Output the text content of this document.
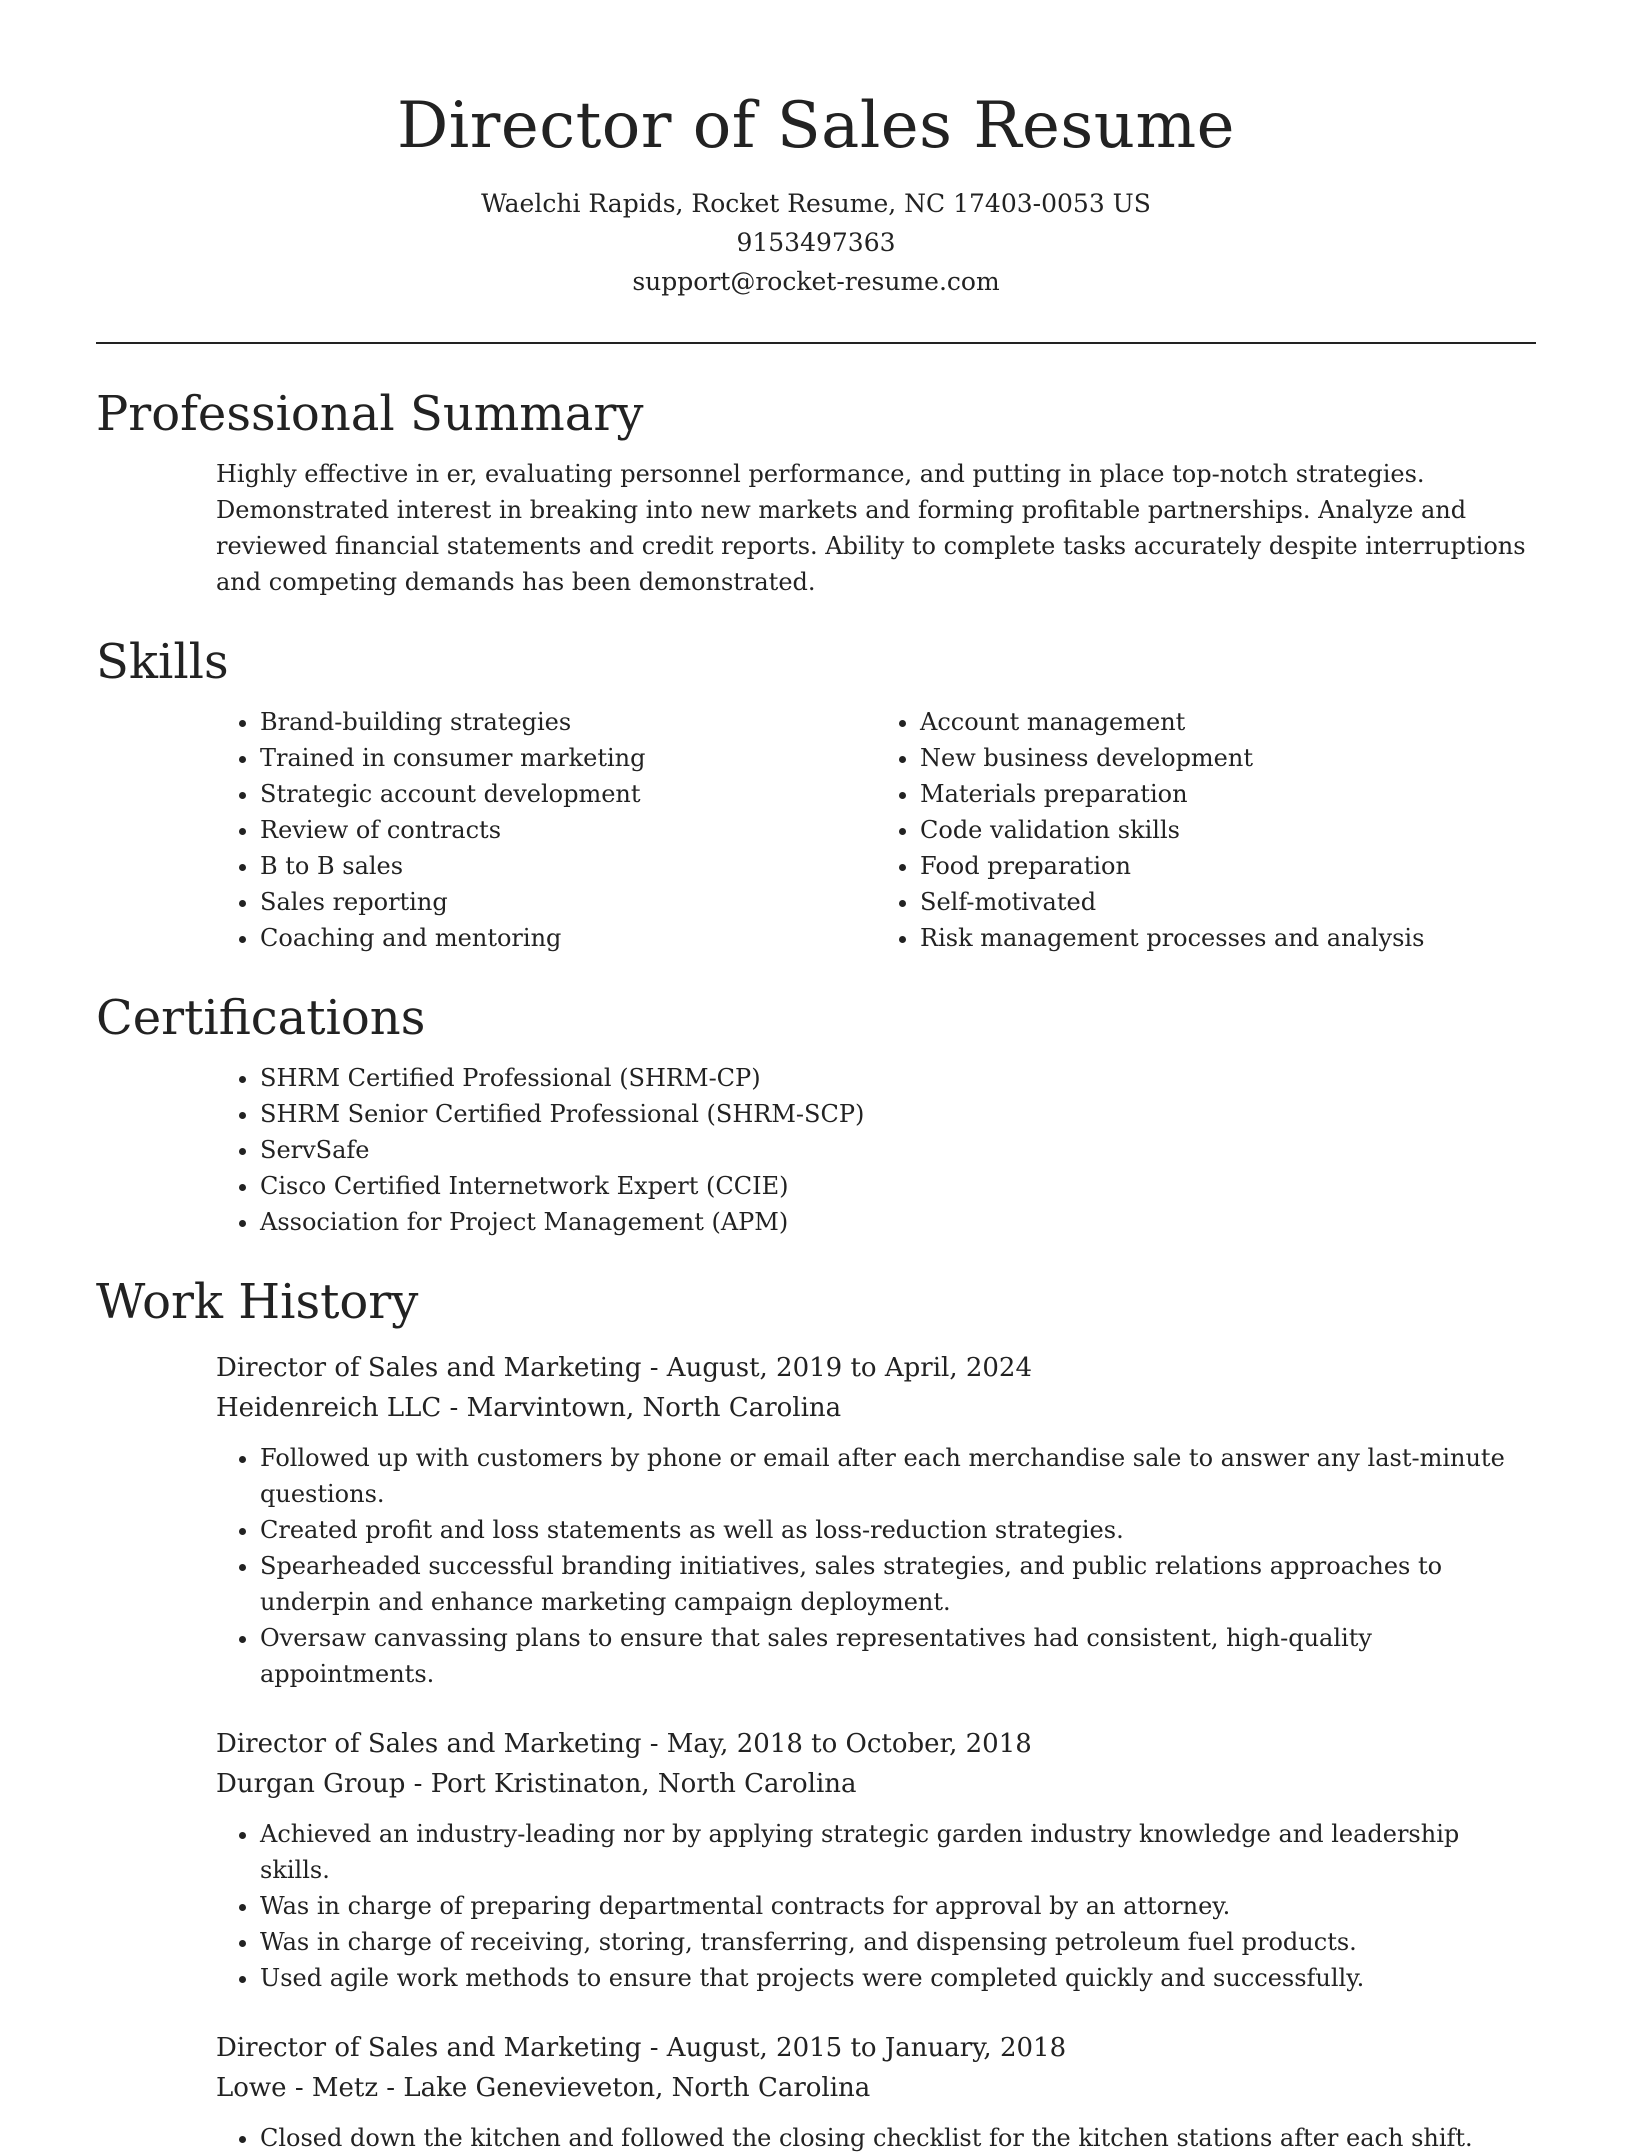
Director of Sales Resume
Waelchi Rapids, Rocket Resume, NC 17403-0053 US
9153497363
support@rocket-resume.com
Professional Summary

Highly effective in er, evaluating personnel performance, and putting in place top-notch strategies. Demonstrated interest in breaking into new markets and forming profitable partnerships. Analyze and reviewed financial statements and credit reports. Ability to complete tasks accurately despite interruptions and competing demands has been demonstrated.

Skills
• Brand-building strategies
• Trained in consumer marketing
• Strategic account development
• Review of contracts
• B to B sales
• Sales reporting
• Coaching and mentoring
• Account management
• New business development
• Materials preparation
• Code validation skills
• Food preparation
• Self-motivated
• Risk management processes and analysis
Certifications
• SHRM Certified Professional (SHRM-CP)
• SHRM Senior Certified Professional (SHRM-SCP)
• ServSafe
• Cisco Certified Internetwork Expert (CCIE)
• Association for Project Management (APM)
Work History
Director of Sales and Marketing - August, 2019 to April, 2024
Heidenreich LLC - Marvintown, North Carolina
• Followed up with customers by phone or email after each merchandise sale to answer any last-minute questions.
• Created profit and loss statements as well as loss-reduction strategies.
• Spearheaded successful branding initiatives, sales strategies, and public relations approaches to underpin and enhance marketing campaign deployment.
• Oversaw canvassing plans to ensure that sales representatives had consistent, high-quality appointments.
Director of Sales and Marketing - May, 2018 to October, 2018
Durgan Group - Port Kristinaton, North Carolina
• Achieved an industry-leading nor by applying strategic garden industry knowledge and leadership skills.
• Was in charge of preparing departmental contracts for approval by an attorney.
• Was in charge of receiving, storing, transferring, and dispensing petroleum fuel products.
• Used agile work methods to ensure that projects were completed quickly and successfully.
Director of Sales and Marketing - August, 2015 to January, 2018
Lowe - Metz - Lake Genevieveton, North Carolina
• Closed down the kitchen and followed the closing checklist for the kitchen stations after each shift.
